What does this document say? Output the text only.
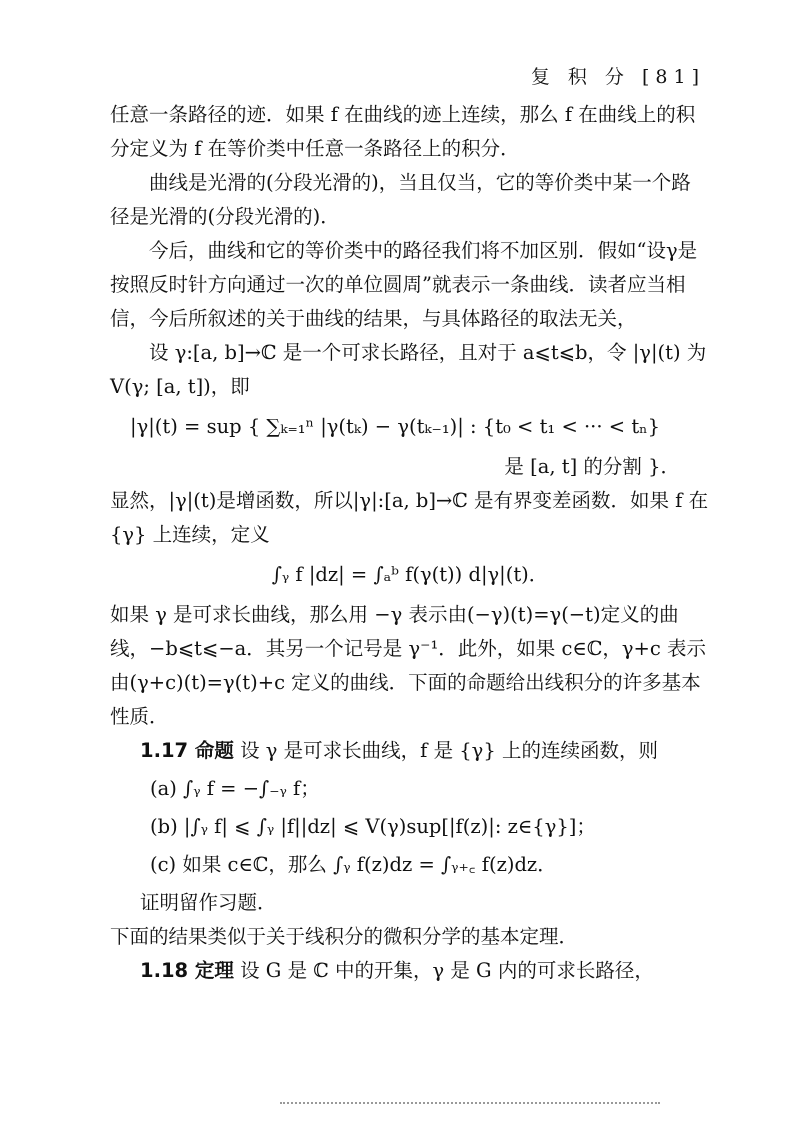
复 积 分 [81]

任意一条路径的迹．如果 f 在曲线的迹上连续，那么 f 在曲线上的积分定义为 f 在等价类中任意一条路径上的积分．

曲线是光滑的(分段光滑的)，当且仅当，它的等价类中某一个路径是光滑的(分段光滑的)．

今后，曲线和它的等价类中的路径我们将不加区别．假如“设γ是按照反时针方向通过一次的单位圆周”就表示一条曲线．读者应当相信，今后所叙述的关于曲线的结果，与具体路径的取法无关，

设 γ:[a, b]→ℂ 是一个可求长路径，且对于 a⩽t⩽b，令 |γ|(t) 为 V(γ; [a, t])，即

|γ|(t) = sup { ∑ₖ₌₁ⁿ |γ(tₖ) − γ(tₖ₋₁)| : {t₀ < t₁ < ··· < tₙ}

是 [a, t] 的分割 }．

显然，|γ|(t)是增函数，所以|γ|:[a, b]→ℂ 是有界变差函数．如果 f 在 {γ} 上连续，定义

∫ᵧ f |dz| = ∫ₐᵇ f(γ(t)) d|γ|(t)．

如果 γ 是可求长曲线，那么用 −γ 表示由(−γ)(t)=γ(−t)定义的曲线，−b⩽t⩽−a．其另一个记号是 γ⁻¹．此外，如果 c∈ℂ，γ+c 表示由(γ+c)(t)=γ(t)+c 定义的曲线．下面的命题给出线积分的许多基本性质．

1.17 命题 设 γ 是可求长曲线，f 是 {γ} 上的连续函数，则

(a) ∫ᵧ f = −∫₋ᵧ f；

(b) |∫ᵧ f| ⩽ ∫ᵧ |f||dz| ⩽ V(γ)sup[|f(z)|: z∈{γ}]；

(c) 如果 c∈ℂ，那么 ∫ᵧ f(z)dz = ∫ᵧ₊꜀ f(z)dz．

证明留作习题．

下面的结果类似于关于线积分的微积分学的基本定理．

1.18 定理 设 G 是 ℂ 中的开集，γ 是 G 内的可求长路径，
